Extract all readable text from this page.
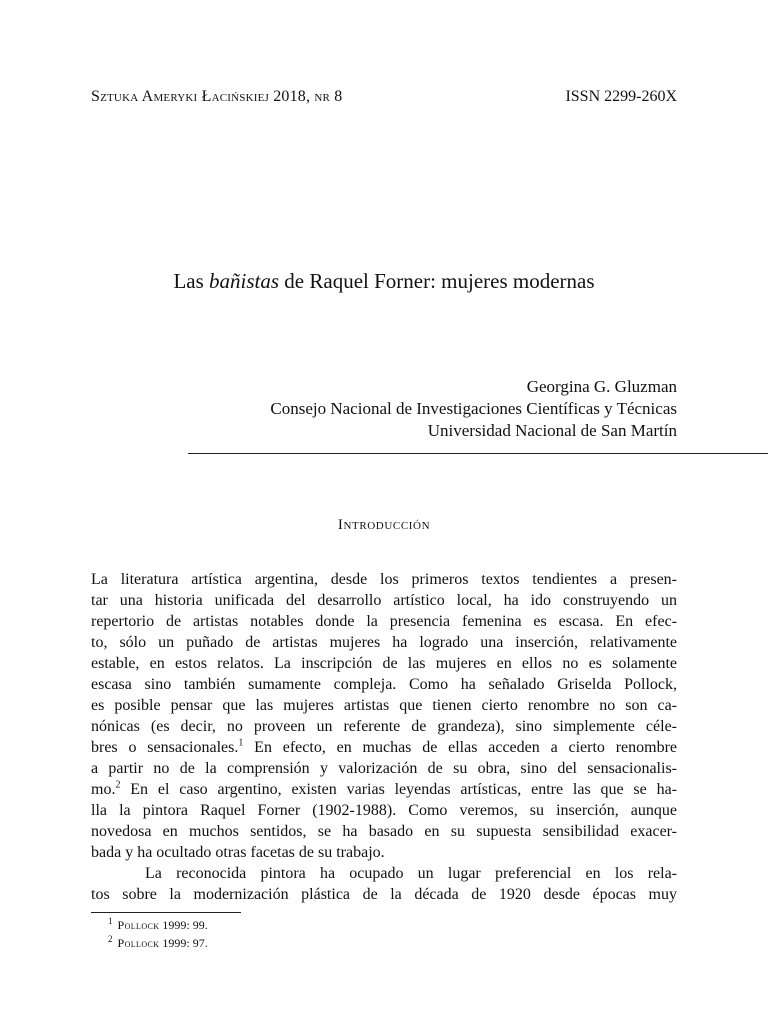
Sztuka Ameryki Łacińskiej 2018, nr 8	ISSN 2299-260X
Las bañistas de Raquel Forner: mujeres modernas
Georgina G. Gluzman
Consejo Nacional de Investigaciones Científicas y Técnicas
Universidad Nacional de San Martín
Introducción
La literatura artística argentina, desde los primeros textos tendientes a presen-
tar una historia unificada del desarrollo artístico local, ha ido construyendo un
repertorio de artistas notables donde la presencia femenina es escasa. En efec-
to, sólo un puñado de artistas mujeres ha logrado una inserción, relativamente
estable, en estos relatos. La inscripción de las mujeres en ellos no es solamente
escasa sino también sumamente compleja. Como ha señalado Griselda Pollock,
es posible pensar que las mujeres artistas que tienen cierto renombre no son ca-
nónicas (es decir, no proveen un referente de grandeza), sino simplemente céle-
bres o sensacionales.$^1$ En efecto, en muchas de ellas acceden a cierto renombre
a partir no de la comprensión y valorización de su obra, sino del sensacionalis-
mo.$^2$ En el caso argentino, existen varias leyendas artísticas, entre las que se ha-
lla la pintora Raquel Forner (1902-1988). Como veremos, su inserción, aunque
novedosa en muchos sentidos, se ha basado en su supuesta sensibilidad exacer-
bada y ha ocultado otras facetas de su trabajo.
La reconocida pintora ha ocupado un lugar preferencial en los rela-
tos sobre la modernización plástica de la década de 1920 desde épocas muy
$^1$ Pollock 1999: 99.
$^2$ Pollock 1999: 97.
